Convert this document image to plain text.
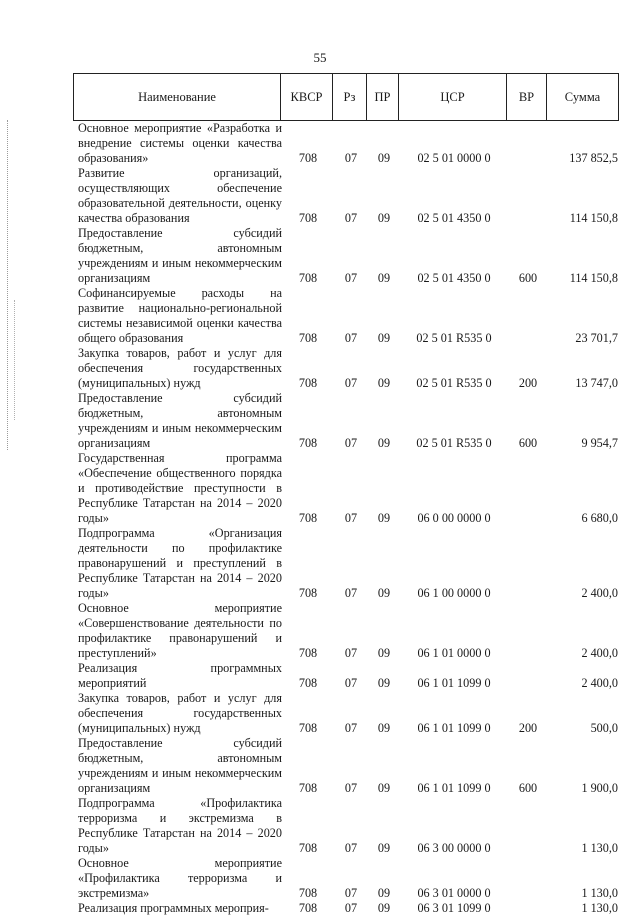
55
Наименование	КВСР	Рз	ПР	ЦСР	ВР	Сумма
Основное мероприятие «Разработка и внедрение системы оценки качества образования»	708	07	09	02 5 01 0000 0	137 852,5
Развитие организаций, осуществляющих обеспечение образовательной деятельности, оценку качества образования	708	07	09	02 5 01 4350 0	114 150,8
Предоставление субсидий бюджетным, автономным учреждениям и иным некоммерческим организациям	708	07	09	02 5 01 4350 0	600	114 150,8
Софинансируемые расходы на развитие национально-региональной системы независимой оценки качества общего образования	708	07	09	02 5 01 R535 0	23 701,7
Закупка товаров, работ и услуг для обеспечения государственных (муниципальных) нужд	708	07	09	02 5 01 R535 0	200	13 747,0
Предоставление субсидий бюджетным, автономным учреждениям и иным некоммерческим организациям	708	07	09	02 5 01 R535 0	600	9 954,7
Государственная программа «Обеспечение общественного порядка и противодействие преступности в Республике Татарстан на 2014 – 2020 годы»	708	07	09	06 0 00 0000 0	6 680,0
Подпрограмма «Организация деятельности по профилактике правонарушений и преступлений в Республике Татарстан на 2014 – 2020 годы»	708	07	09	06 1 00 0000 0	2 400,0
Основное мероприятие «Совершенствование деятельности по профилактике правонарушений и преступлений»	708	07	09	06 1 01 0000 0	2 400,0
Реализация программных мероприятий	708	07	09	06 1 01 1099 0	2 400,0
Закупка товаров, работ и услуг для обеспечения государственных (муниципальных) нужд	708	07	09	06 1 01 1099 0	200	500,0
Предоставление субсидий бюджетным, автономным учреждениям и иным некоммерческим организациям	708	07	09	06 1 01 1099 0	600	1 900,0
Подпрограмма «Профилактика терроризма и экстремизма в Республике Татарстан на 2014 – 2020 годы»	708	07	09	06 3 00 0000 0	1 130,0
Основное мероприятие «Профилактика терроризма и экстремизма»	708	07	09	06 3 01 0000 0	1 130,0
Реализация программных мероприя-	708	07	09	06 3 01 1099 0	1 130,0
